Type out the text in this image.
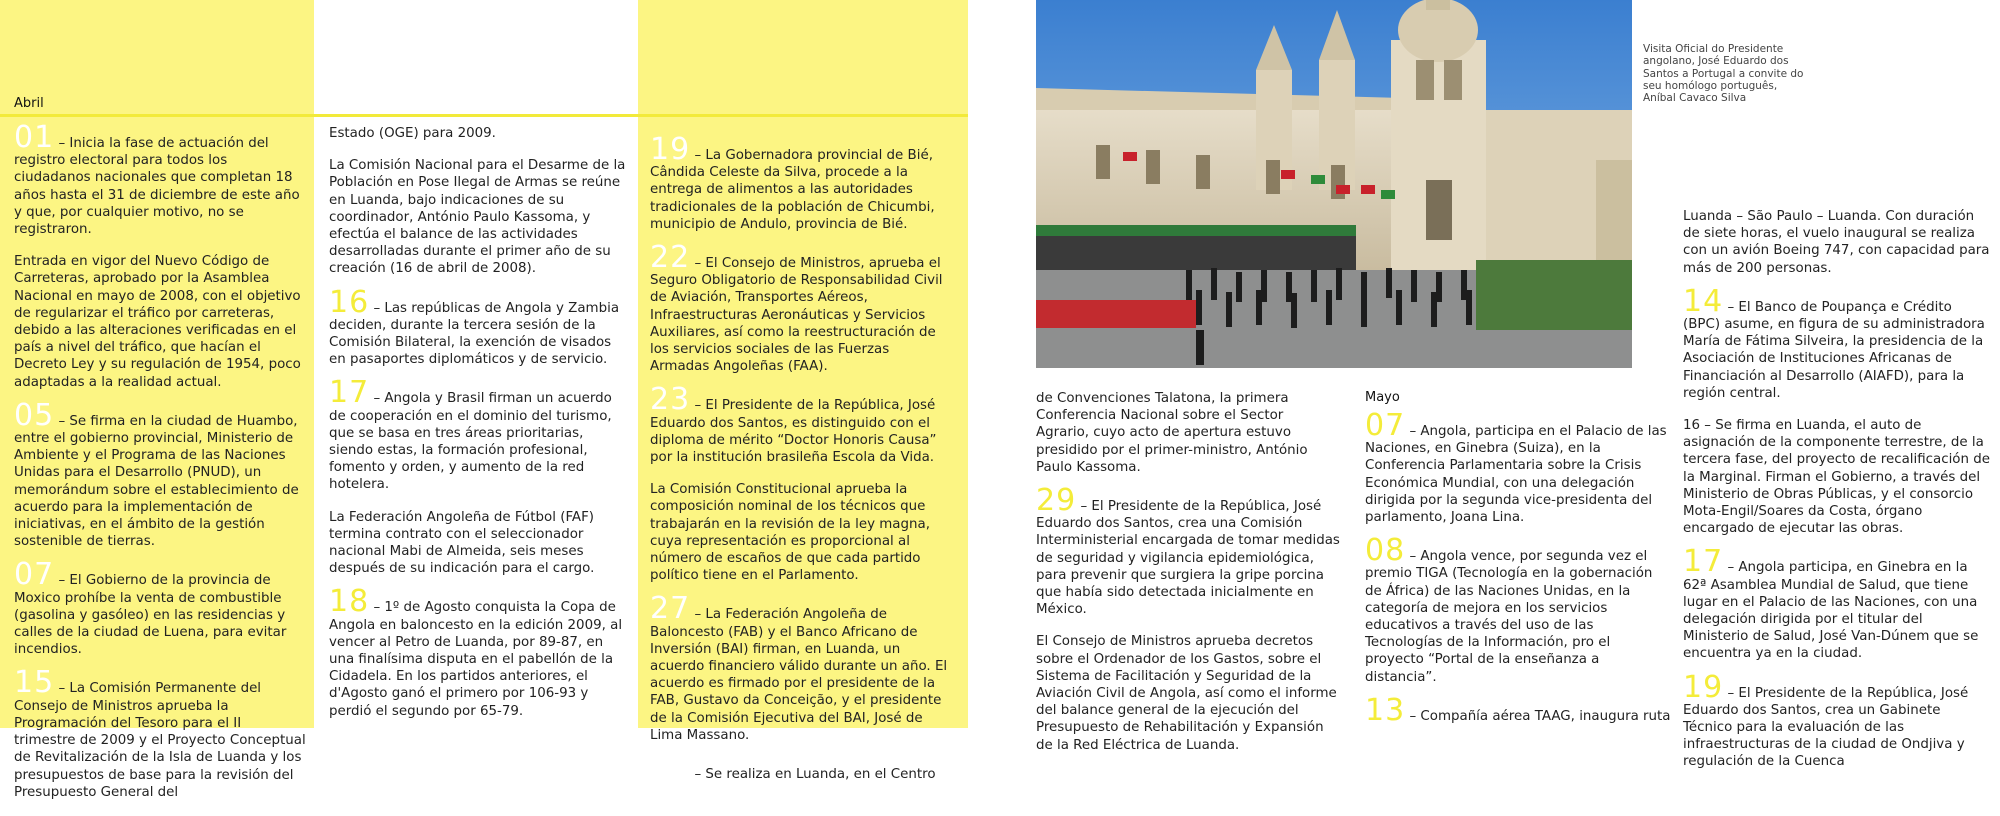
Abril

01 – Inicia la fase de actuación del registro electoral para todos los ciudadanos nacionales que completan 18 años hasta el 31 de diciembre de este año y que, por cualquier motivo, no se registraron.

Entrada en vigor del Nuevo Código de Carreteras, aprobado por la Asamblea Nacional en mayo de 2008, con el objetivo de regularizar el tráfico por carreteras, debido a las alteraciones verificadas en el país a nivel del tráfico, que hacían el Decreto Ley y su regulación de 1954, poco adaptadas a la realidad actual.

05 – Se firma en la ciudad de Huambo, entre el gobierno provincial, Ministerio de Ambiente y el Programa de las Naciones Unidas para el Desarrollo (PNUD), un memorándum sobre el establecimiento de acuerdo para la implementación de iniciativas, en el ámbito de la gestión sostenible de tierras.

07 – El Gobierno de la provincia de Moxico prohíbe la venta de combustible (gasolina y gasóleo) en las residencias y calles de la ciudad de Luena, para evitar incendios.

15 – La Comisión Permanente del Consejo de Ministros aprueba la Programación del Tesoro para el II trimestre de 2009 y el Proyecto Conceptual de Revitalización de la Isla de Luanda y los presupuestos de base para la revisión del Presupuesto General del

Estado (OGE) para 2009.

La Comisión Nacional para el Desarme de la Población en Pose Ilegal de Armas se reúne en Luanda, bajo indicaciones de su coordinador, António Paulo Kassoma, y efectúa el balance de las actividades desarrolladas durante el primer año de su creación (16 de abril de 2008).

16 – Las repúblicas de Angola y Zambia deciden, durante la tercera sesión de la Comisión Bilateral, la exención de visados en pasaportes diplomáticos y de servicio.

17 – Angola y Brasil firman un acuerdo de cooperación en el dominio del turismo, que se basa en tres áreas prioritarias, siendo estas, la formación profesional, fomento y orden, y aumento de la red hotelera.

La Federación Angoleña de Fútbol (FAF) termina contrato con el seleccionador nacional Mabi de Almeida, seis meses después de su indicación para el cargo.

18 – 1º de Agosto conquista la Copa de Angola en baloncesto en la edición 2009, al vencer al Petro de Luanda, por 89-87, en una finalísima disputa en el pabellón de la Cidadela. En los partidos anteriores, el d'Agosto ganó el primero por 106-93 y perdió el segundo por 65-79.

19 – La Gobernadora provincial de Bié, Cândida Celeste da Silva, procede a la entrega de alimentos a las autoridades tradicionales de la población de Chicumbi, municipio de Andulo, provincia de Bié.

22 – El Consejo de Ministros, aprueba el Seguro Obligatorio de Responsabilidad Civil de Aviación, Transportes Aéreos, Infraestructuras Aeronáuticas y Servicios Auxiliares, así como la reestructuración de los servicios sociales de las Fuerzas Armadas Angoleñas (FAA).

23 – El Presidente de la República, José Eduardo dos Santos, es distinguido con el diploma de mérito “Doctor Honoris Causa” por la institución brasileña Escola da Vida.

La Comisión Constitucional aprueba la composición nominal de los técnicos que trabajarán en la revisión de la ley magna, cuya representación es proporcional al número de escaños de que cada partido político tiene en el Parlamento.

27 – La Federación Angoleña de Baloncesto (FAB) y el Banco Africano de Inversión (BAI) firman, en Luanda, un acuerdo financiero válido durante un año. El acuerdo es firmado por el presidente de la FAB, Gustavo da Conceição, y el presidente de la Comisión Ejecutiva del BAI, José de Lima Massano.

28 – Se realiza en Luanda, en el Centro

Visita Oficial do Presidente angolano, José Eduardo dos Santos a Portugal a convite do seu homólogo português, Aníbal Cavaco Silva

de Convenciones Talatona, la primera Conferencia Nacional sobre el Sector Agrario, cuyo acto de apertura estuvo presidido por el primer-ministro, António Paulo Kassoma.

29 – El Presidente de la República, José Eduardo dos Santos, crea una Comisión Interministerial encargada de tomar medidas de seguridad y vigilancia epidemiológica, para prevenir que surgiera la gripe porcina que había sido detectada inicialmente en México.

El Consejo de Ministros aprueba decretos sobre el Ordenador de los Gastos, sobre el Sistema de Facilitación y Seguridad de la Aviación Civil de Angola, así como el informe del balance general de la ejecución del Presupuesto de Rehabilitación y Expansión de la Red Eléctrica de Luanda.

Mayo

07 – Angola, participa en el Palacio de las Naciones, en Ginebra (Suiza), en la Conferencia Parlamentaria sobre la Crisis Económica Mundial, con una delegación dirigida por la segunda vice-presidenta del parlamento, Joana Lina.

08 – Angola vence, por segunda vez el premio TIGA (Tecnología en la gobernación de África) de las Naciones Unidas, en la categoría de mejora en los servicios educativos a través del uso de las Tecnologías de la Información, pro el proyecto “Portal de la enseñanza a distancia”.

13 – Compañía aérea TAAG, inaugura ruta

Luanda – São Paulo – Luanda. Con duración de siete horas, el vuelo inaugural se realiza con un avión Boeing 747, con capacidad para más de 200 personas.

14 – El Banco de Poupança e Crédito (BPC) asume, en figura de su administradora María de Fátima Silveira, la presidencia de la Asociación de Instituciones Africanas de Financiación al Desarrollo (AIAFD), para la región central.

16 – Se firma en Luanda, el auto de asignación de la componente terrestre, de la tercera fase, del proyecto de recalificación de la Marginal. Firman el Gobierno, a través del Ministerio de Obras Públicas, y el consorcio Mota-Engil/Soares da Costa, órgano encargado de ejecutar las obras.

17 – Angola participa, en Ginebra en la 62ª Asamblea Mundial de Salud, que tiene lugar en el Palacio de las Naciones, con una delegación dirigida por el titular del Ministerio de Salud, José Van-Dúnem que se encuentra ya en la ciudad.

19 – El Presidente de la República, José Eduardo dos Santos, crea un Gabinete Técnico para la evaluación de las infraestructuras de la ciudad de Ondjiva y regulación de la Cuenca
